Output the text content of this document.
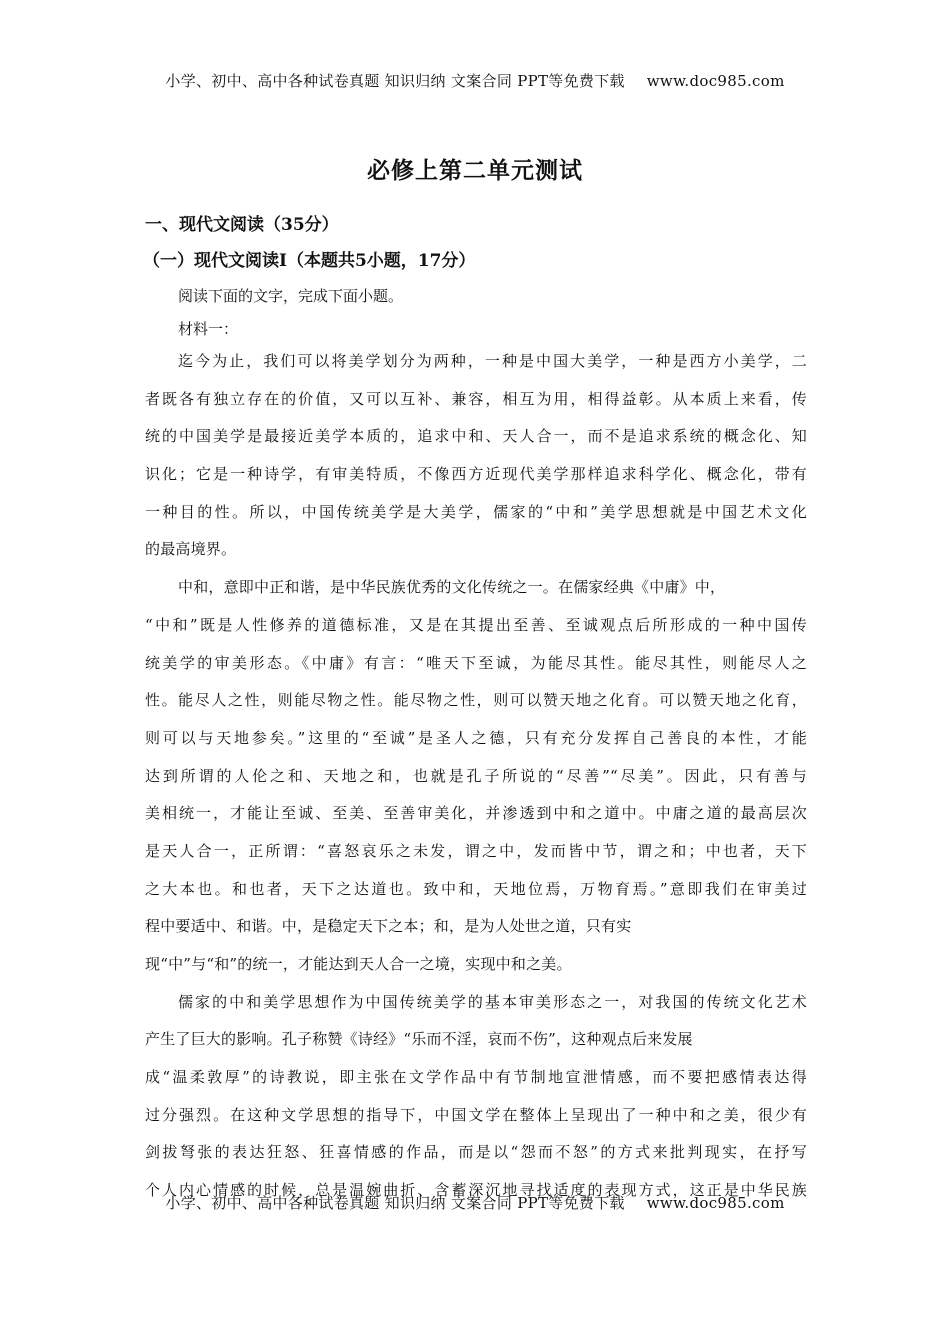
小学、初中、高中各种试卷真题 知识归纳 文案合同 PPT等免费下载 www.doc985.com
必修上第二单元测试
一、现代文阅读（35分）
（一）现代文阅读Ⅰ（本题共5小题，17分）
阅读下面的文字，完成下面小题。
材料一：
迄今为止，我们可以将美学划分为两种，一种是中国大美学，一种是西方小美学，二
者既各有独立存在的价值，又可以互补、兼容，相互为用，相得益彰。从本质上来看，传
统的中国美学是最接近美学本质的，追求中和、天人合一，而不是追求系统的概念化、知
识化；它是一种诗学，有审美特质，不像西方近现代美学那样追求科学化、概念化，带有
一种目的性。所以，中国传统美学是大美学，儒家的“中和”美学思想就是中国艺术文化
的最高境界。
中和，意即中正和谐，是中华民族优秀的文化传统之一。在儒家经典《中庸》中，
“中和”既是人性修养的道德标准，又是在其提出至善、至诚观点后所形成的一种中国传
统美学的审美形态。《中庸》有言：“唯天下至诚，为能尽其性。能尽其性，则能尽人之
性。能尽人之性，则能尽物之性。能尽物之性，则可以赞天地之化育。可以赞天地之化育，
则可以与天地参矣。”这里的“至诚”是圣人之德，只有充分发挥自己善良的本性，才能
达到所谓的人伦之和、天地之和，也就是孔子所说的“尽善”“尽美”。因此，只有善与
美相统一，才能让至诚、至美、至善审美化，并渗透到中和之道中。中庸之道的最高层次
是天人合一，正所谓：“喜怒哀乐之未发，谓之中，发而皆中节，谓之和；中也者，天下
之大本也。和也者，天下之达道也。致中和，天地位焉，万物育焉。”意即我们在审美过
程中要适中、和谐。中，是稳定天下之本；和，是为人处世之道，只有实
现“中”与“和”的统一，才能达到天人合一之境，实现中和之美。
儒家的中和美学思想作为中国传统美学的基本审美形态之一，对我国的传统文化艺术
产生了巨大的影响。孔子称赞《诗经》“乐而不淫，哀而不伤”，这种观点后来发展
成“温柔敦厚”的诗教说，即主张在文学作品中有节制地宣泄情感，而不要把感情表达得
过分强烈。在这种文学思想的指导下，中国文学在整体上呈现出了一种中和之美，很少有
剑拔弩张的表达狂怒、狂喜情感的作品，而是以“怨而不怒”的方式来批判现实，在抒写
个人内心情感的时候，总是温婉曲折、含蓄深沉地寻找适度的表现方式，这正是中华民族
小学、初中、高中各种试卷真题 知识归纳 文案合同 PPT等免费下载 www.doc985.com
